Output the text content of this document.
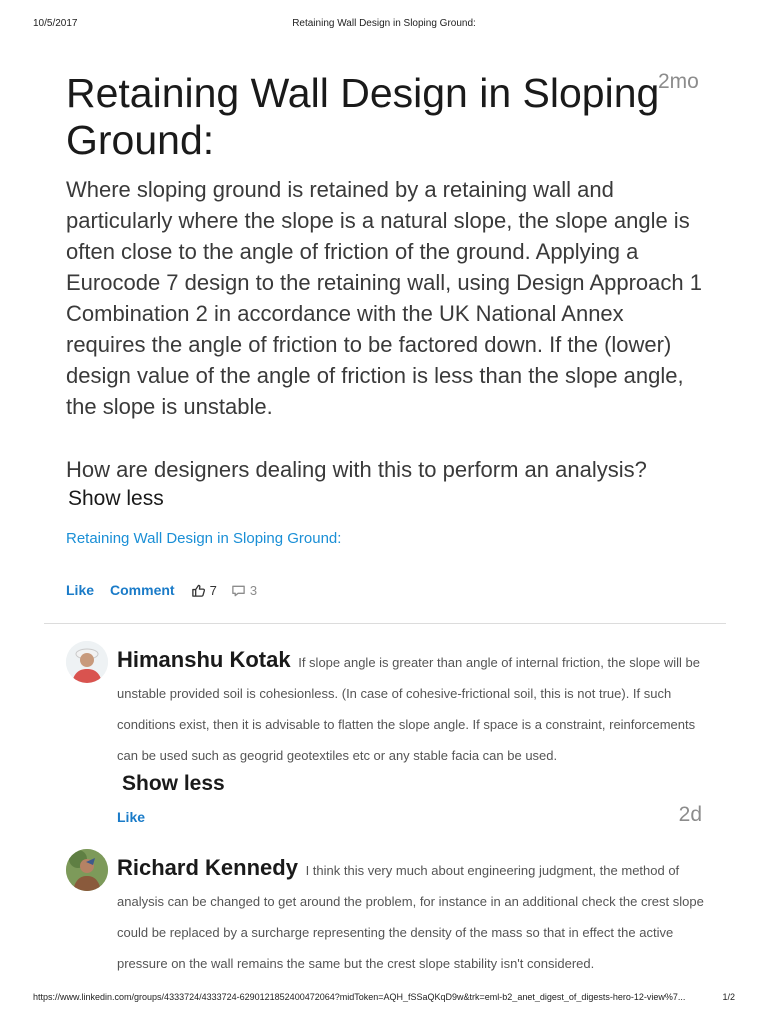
10/5/2017	Retaining Wall Design in Sloping Ground:
Retaining Wall Design in Sloping Ground:
2mo

Where sloping ground is retained by a retaining wall and particularly where the slope is a natural slope, the slope angle is often close to the angle of friction of the ground. Applying a Eurocode 7 design to the retaining wall, using Design Approach 1 Combination 2 in accordance with the UK National Annex requires the angle of friction to be factored down. If the (lower) design value of the angle of friction is less than the slope angle, the slope is unstable.

How are designers dealing with this to perform an analysis?

Show less
Retaining Wall Design in Sloping Ground:
Like Comment	7	3

Himanshu Kotak If slope angle is greater than angle of internal friction, the slope will be unstable provided soil is cohesionless. (In case of cohesive-frictional soil, this is not true). If such conditions exist, then it is advisable to flatten the slope angle. If space is a constraint, reinforcements can be used such as geogrid geotextiles etc or any stable facia can be used.

Show less
Like	2d

Richard Kennedy I think this very much about engineering judgment, the method of analysis can be changed to get around the problem, for instance in an additional check the crest slope could be replaced by a surcharge representing the density of the mass so that in effect the active pressure on the wall remains the same but the crest slope stability isn't considered.

https://www.linkedin.com/groups/4333724/4333724-6290121852400472064?midToken=AQH_fSSaQKqD9w&trk=eml-b2_anet_digest_of_digests-hero-12-view%7...	1/2
